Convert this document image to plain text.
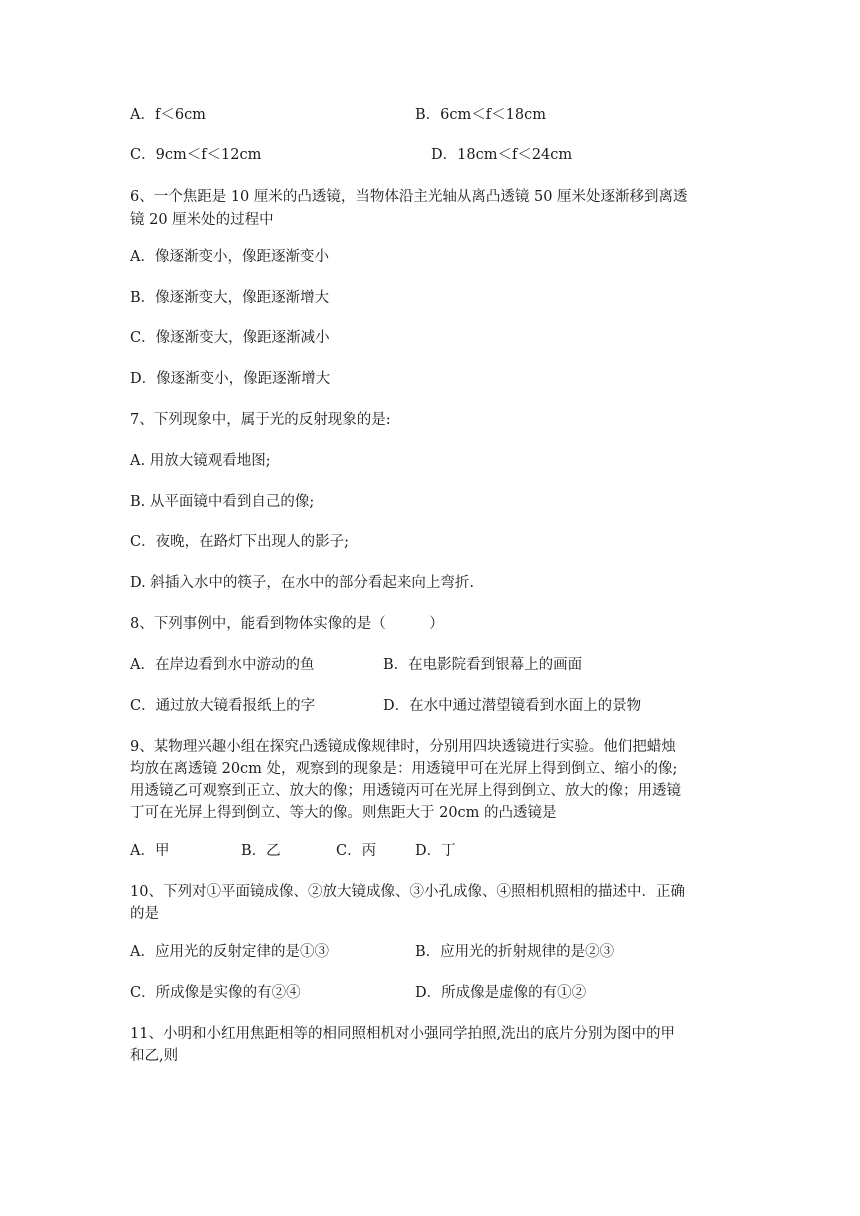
A．f＜6cm	B．6cm＜f＜18cm
C．9cm＜f＜12cm	D．18cm＜f＜24cm
6、一个焦距是 10 厘米的凸透镜，当物体沿主光轴从离凸透镜 50 厘米处逐渐移到离透
镜 20 厘米处的过程中
A．像逐渐变小，像距逐渐变小
B．像逐渐变大，像距逐渐增大
C．像逐渐变大，像距逐渐减小
D．像逐渐变小，像距逐渐增大
7、下列现象中，属于光的反射现象的是:
A. 用放大镜观看地图;
B. 从平面镜中看到自己的像;
C．夜晚，在路灯下出现人的影子;
D. 斜插入水中的筷子，在水中的部分看起来向上弯折.
8、下列事例中，能看到物体实像的是（　　　）
A．在岸边看到水中游动的鱼	B．在电影院看到银幕上的画面
C．通过放大镜看报纸上的字	D．在水中通过潜望镜看到水面上的景物
9、某物理兴趣小组在探究凸透镜成像规律时，分别用四块透镜进行实验。他们把蜡烛
均放在离透镜 20cm 处，观察到的现象是：用透镜甲可在光屏上得到倒立、缩小的像;
用透镜乙可观察到正立、放大的像；用透镜丙可在光屏上得到倒立、放大的像；用透镜
丁可在光屏上得到倒立、等大的像。则焦距大于 20cm 的凸透镜是
A．甲	B．乙	C．丙	D．丁
10、下列对①平面镜成像、②放大镜成像、③小孔成像、④照相机照相的描述中．正确
的是
A．应用光的反射定律的是①③	B．应用光的折射规律的是②③
C．所成像是实像的有②④	D．所成像是虚像的有①②
11、小明和小红用焦距相等的相同照相机对小强同学拍照,洗出的底片分别为图中的甲
和乙,则
